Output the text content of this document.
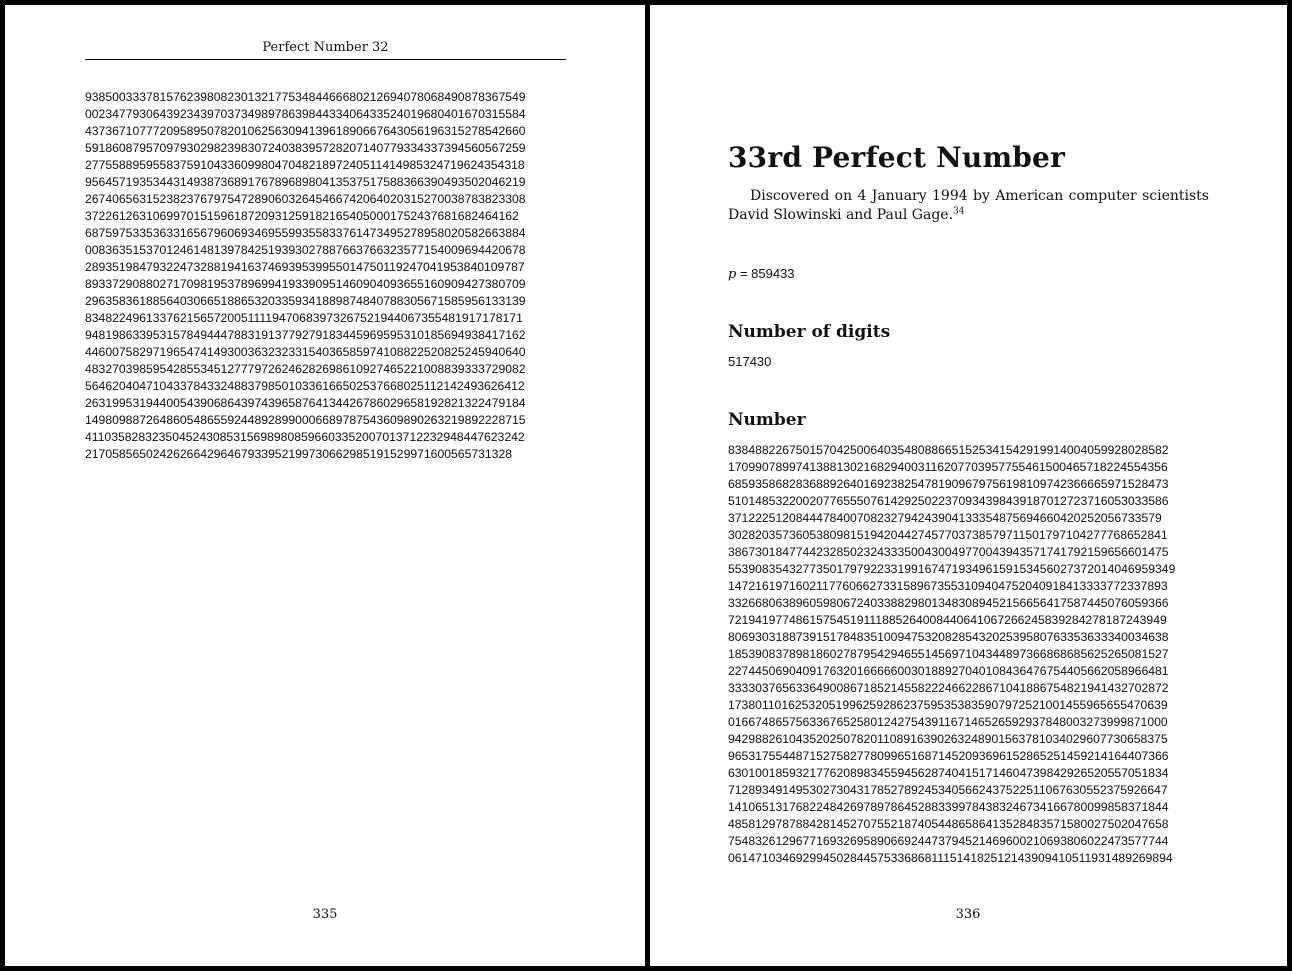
Perfect Number 32
9385003337815762398082301321775348446668021269407806849087836754​9
0023477930643923439703734989786398443340643352401968040167031558​4
4373671077720958950782010625630941396189066764305619631527854266​0
5918608795709793029823983072403839572820714077933433739456056725​9
2775588959558375910433609980470482189724051141498532471962435431​8
9564571935344314938736891767896898041353751758836639049350204621​9
2674065631523823767975472890603264546674206402031527003878382330​8
3722612631069970151596187209312591821654050001752437681682464162
6875975335363316567960693469559935583376147349527895802058266388​4
0083635153701246148139784251939302788766376632357715400969442067​8
2893519847932247328819416374693953995501475011924704195384010978​7
8933729088027170981953789699419339095146090409365516090942738070​9
2963583618856403066518865320335934188987484078830567158595613313​9
8348224961337621565720051111947068397326752194406735548191717817​1
9481986339531578494447883191377927918344596959531018569493841716​2
4460075829719654741493003632323315403658597410882252082524594064​0
4832703985954285534512777972624628269861092746522100883933372908​2
5646204047104337843324883798501033616650253766802511214249362641​2
2631995319440054390686439743965876413442678602965819282132247918​4
1498098872648605486559244892899000668978754360989026321989222871​5
4110358283235045243085315698980859660335200701371223294844762324​2
217058565024262664296467933952199730662985191529971600565731328
335
33rd Perfect Number

Discovered on 4 January 1994 by American computer scientists David Slowinski and Paul Gage.$^{34}$

p = 859433
Number of digits
517430
Number
8384882267501570425006403548088665152534154291991400405992802858​2
1709907899741388130216829400311620770395775546150046571822455435​6
6859358682836889264016923825478190967975619810974236666597152847​3
5101485322002077655507614292502237093439843918701272371605303358​6
3712225120844478400708232794243904133354875694660420252056733579
3028203573605380981519420442745770373857971150179710427776865284​1
3867301847744232850232433350043004977004394357174179215965660147​5
5539083543277350179792233199167471934961591534560273720140469593​49
1472161971602117760662733158967355310940475204091841333377233789​3
3326680638960598067240338829801348308945215665641758744507605936​6
7219419774861575451911188526400844064106726624583928427818724394​9
8069303188739151784835100947532082854320253958076335363334003463​8
1853908378981860278795429465514569710434489736686868562526508152​7
2274450690409176320166666003018892704010843647675440566205896648​1
3333037656336490086718521455822246622867104188675482194143270287​2
1738011016253205199625928623759535383590797252100145596565547063​9
0166748657563367652580124275439116714652659293784800327399987100​0
9429882610435202507820110891639026324890156378103402960773065837​5
9653175544871527582778099651687145209369615286525145921416440736​6
6301001859321776208983455945628740415171460473984292652055705183​4
7128934914953027304317852789245340566243752251106763055237592664​7
1410651317682248426978978645288339978438324673416678009985837184​4
4858129787884281452707552187405448658641352848357158002750204765​8
7548326129677169326958906692447379452146960021069380602247357774​4
0614710346929945028445753368681115141825121439094105119314892698​94
336
